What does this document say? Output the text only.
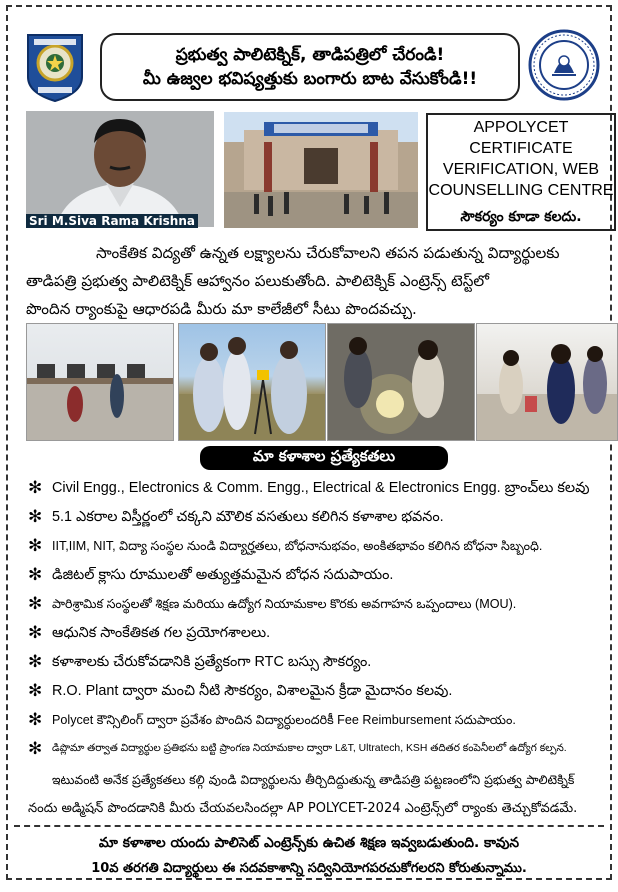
ప్రభుత్వ పాలిటెక్నిక్, తాడిపత్రిలో చేరండి!
మీ ఉజ్వల భవిష్యత్తుకు బంగారు బాట వేసుకోండి!!
Sri M.Siva Rama Krishna
APPOLYCET CERTIFICATE VERIFICATION, WEB COUNSELLING CENTRE
సౌకర్యం కూడా కలదు.
సాంకేతిక విద్యతో ఉన్నత లక్ష్యాలను చేరుకోవాలని తపన పడుతున్న విద్యార్థులకు
తాడిపత్రి ప్రభుత్వ పాలిటెక్నిక్ ఆహ్వానం పలుకుతోంది. పాలిటెక్నిక్ ఎంట్రెన్స్ టెస్ట్‌లో
పొందిన ర్యాంకుపై ఆధారపడి మీరు మా కాలేజీలో సీటు పొందవచ్చు.
మా కళాశాల ప్రత్యేకతలు
✻ Civil Engg., Electronics & Comm. Engg., Electrical & Electronics Engg. బ్రాంచ్‌లు కలవు
✻ 5.1 ఎకరాల విస్తీర్ణంలో చక్కని మౌలిక వసతులు కలిగిన కళాశాల భవనం.
✻ IIT,IIM, NIT, విద్యా సంస్థల నుండి విద్యార్హతలు, బోధనానుభవం, అంకితభావం కలిగిన బోధనా సిబ్బంధి.
✻ డిజిటల్ క్లాసు రూములతో అత్యుత్తమమైన బోధన సదుపాయం.
✻ పారిశ్రామిక సంస్థలతో శిక్షణ మరియు ఉద్యోగ నియామకాల కొరకు అవగాహన ఒప్పందాలు (MOU).
✻ ఆధునిక సాంకేతికత గల ప్రయోగశాలలు.
✻ కళాశాలకు చేరుకోవడానికి ప్రత్యేకంగా RTC బస్సు సౌకర్యం.
✻ R.O. Plant ద్వారా మంచి నీటి సౌకర్యం, విశాలమైన క్రీడా మైదానం కలవు.
✻ Polycet కౌన్సిలింగ్ ద్వారా ప్రవేశం పొందిన విద్యార్ధులందరికీ Fee Reimbursement సదుపాయం.
✻ డిప్లొమా తర్వాత విద్యార్థుల ప్రతిభను బట్టి ప్రాంగణ నియామకాల ద్వారా L&T, Ultratech, KSH తదితర కంపెనీలలో ఉద్యోగ కల్పన.
ఇటువంటి అనేక ప్రత్యేకతలు కల్గి వుండి విద్యార్థులను తీర్చిదిద్దుతున్న తాడిపత్రి పట్టణంలోని ప్రభుత్వ పాలిటెక్నిక్
నందు అడ్మిషన్ పొందడానికి మీరు చేయవలసిందల్లా AP POLYCET-2024 ఎంట్రెన్స్‌లో ర్యాంకు తెచ్చుకోవడమే.
మా కళాశాల యందు పాలిసెట్ ఎంట్రెన్స్‌కు ఉచిత శిక్షణ ఇవ్వబడుతుంది. కావున
10వ తరగతి విద్యార్థులు ఈ సదవకాశాన్ని సద్వినియోగపరచుకోగలరని కోరుతున్నాము.
